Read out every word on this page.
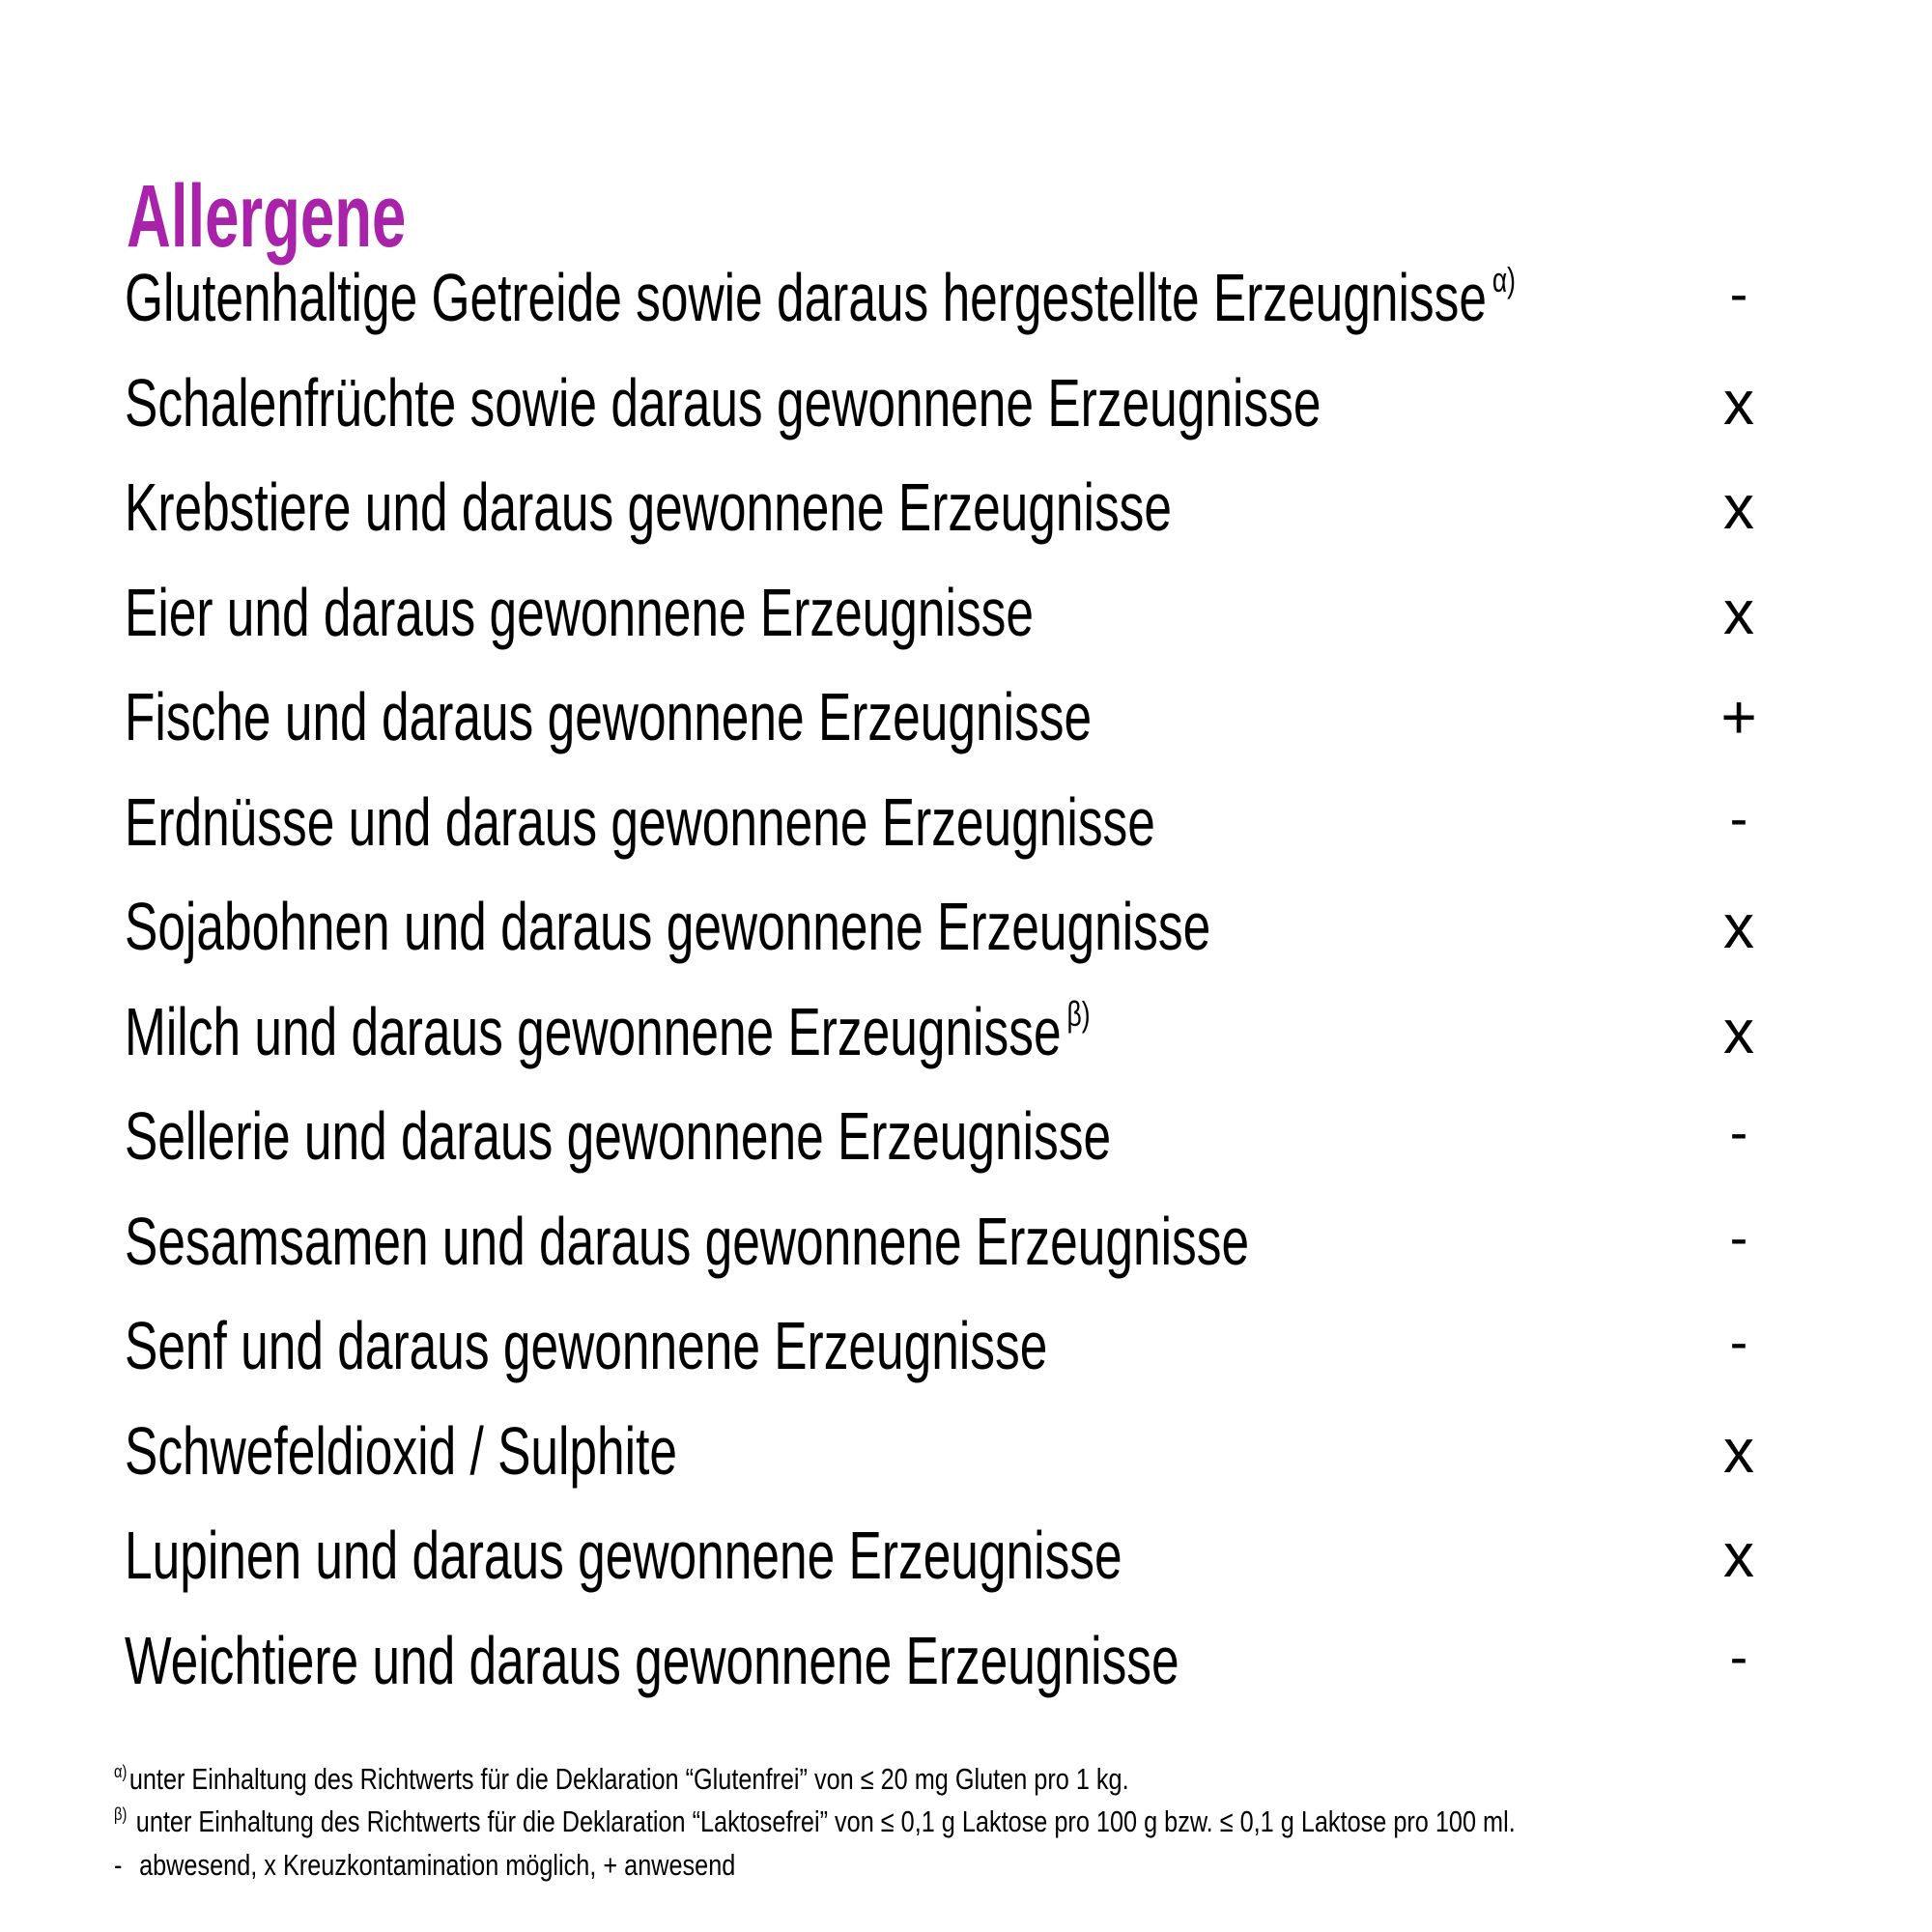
Allergene
Glutenhaltige Getreide sowie daraus hergestellte Erzeugnisse $^{\alpha)}$	-
Schalenfrüchte sowie daraus gewonnene Erzeugnisse	x
Krebstiere und daraus gewonnene Erzeugnisse	x
Eier und daraus gewonnene Erzeugnisse	x
Fische und daraus gewonnene Erzeugnisse	+
Erdnüsse und daraus gewonnene Erzeugnisse	-
Sojabohnen und daraus gewonnene Erzeugnisse	x
Milch und daraus gewonnene Erzeugnisse $^{\beta)}$	x
Sellerie und daraus gewonnene Erzeugnisse	-
Sesamsamen und daraus gewonnene Erzeugnisse	-
Senf und daraus gewonnene Erzeugnisse	-
Schwefeldioxid / Sulphite	x
Lupinen und daraus gewonnene Erzeugnisse	x
Weichtiere und daraus gewonnene Erzeugnisse	-
$^{\alpha)}$unter Einhaltung des Richtwerts für die Deklaration “Glutenfrei” von ≤ 20 mg Gluten pro 1 kg.
$^{\beta)}$ unter Einhaltung des Richtwerts für die Deklaration “Laktosefrei” von ≤ 0,1 g Laktose pro 100 g bzw. ≤ 0,1 g Laktose pro 100 ml.
- abwesend, x Kreuzkontamination möglich, + anwesend
